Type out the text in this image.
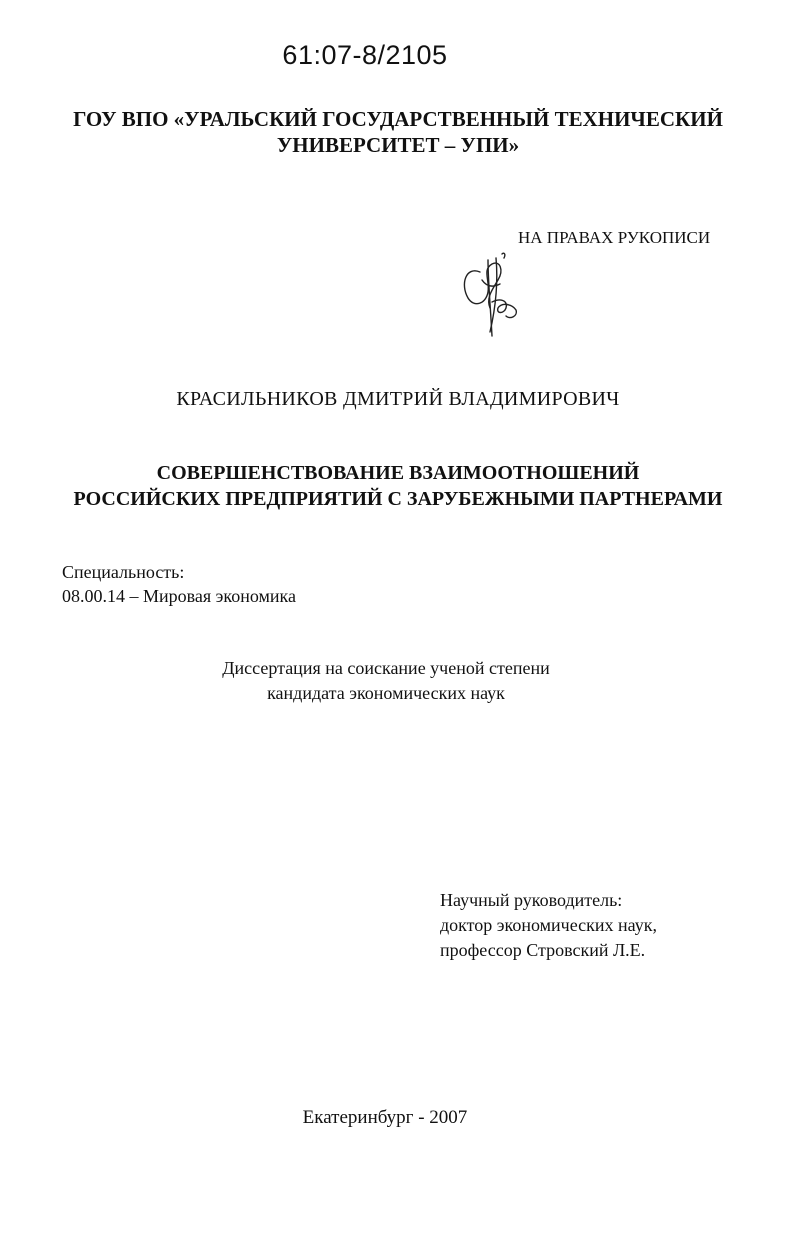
61:07-8/2105
ГОУ ВПО «УРАЛЬСКИЙ ГОСУДАРСТВЕННЫЙ ТЕХНИЧЕСКИЙ
УНИВЕРСИТЕТ – УПИ»
НА ПРАВАХ РУКОПИСИ
КРАСИЛЬНИКОВ ДМИТРИЙ ВЛАДИМИРОВИЧ
СОВЕРШЕНСТВОВАНИЕ ВЗАИМООТНОШЕНИЙ
РОССИЙСКИХ ПРЕДПРИЯТИЙ С ЗАРУБЕЖНЫМИ ПАРТНЕРАМИ
Специальность:
08.00.14 – Мировая экономика
Диссертация на соискание ученой степени
кандидата экономических наук
Научный руководитель:
доктор экономических наук,
профессор Стровский Л.Е.
Екатеринбург - 2007
